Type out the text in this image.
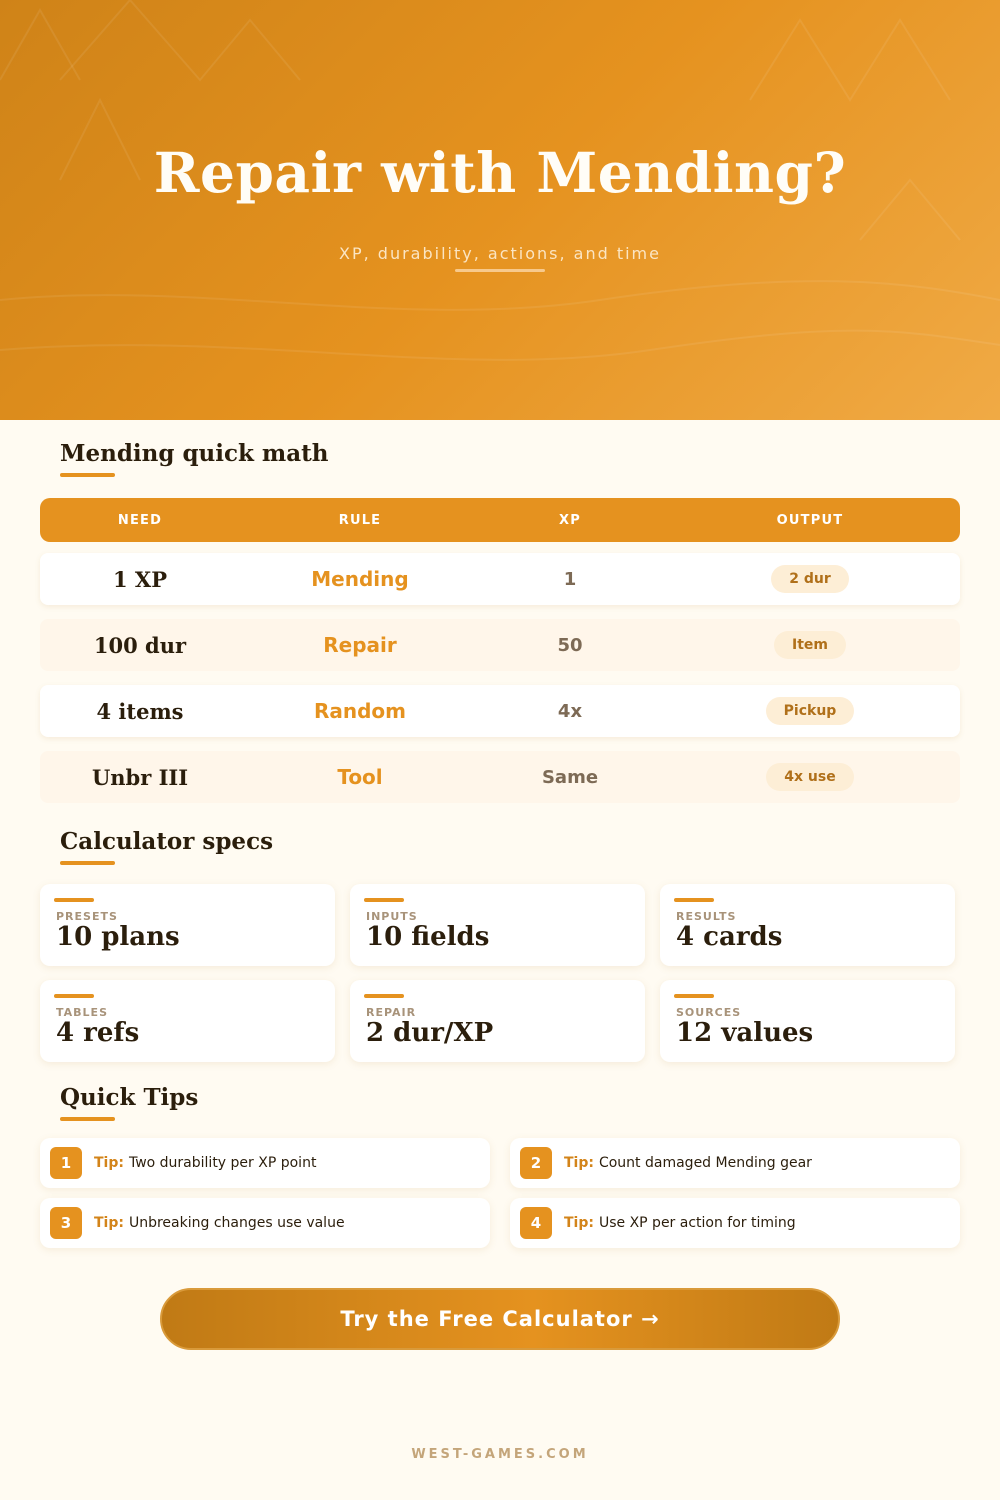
Repair with Mending?
XP, durability, actions, and time
Mending quick math
NEED	RULE	XP	OUTPUT
1 XP	Mending	1	2 dur
100 dur	Repair	50	Item
4 items	Random	4x	Pickup
Unbr III	Tool	Same	4x use
Calculator specs
PRESETS
10 plans
INPUTS
10 fields
RESULTS
4 cards
TABLES
4 refs
REPAIR
2 dur/XP
SOURCES
12 values
Quick Tips
1	Tip: Two durability per XP point	2	Tip: Count damaged Mending gear
3	Tip: Unbreaking changes use value	4	Tip: Use XP per action for timing
Try the Free Calculator →
WEST-GAMES.COM
